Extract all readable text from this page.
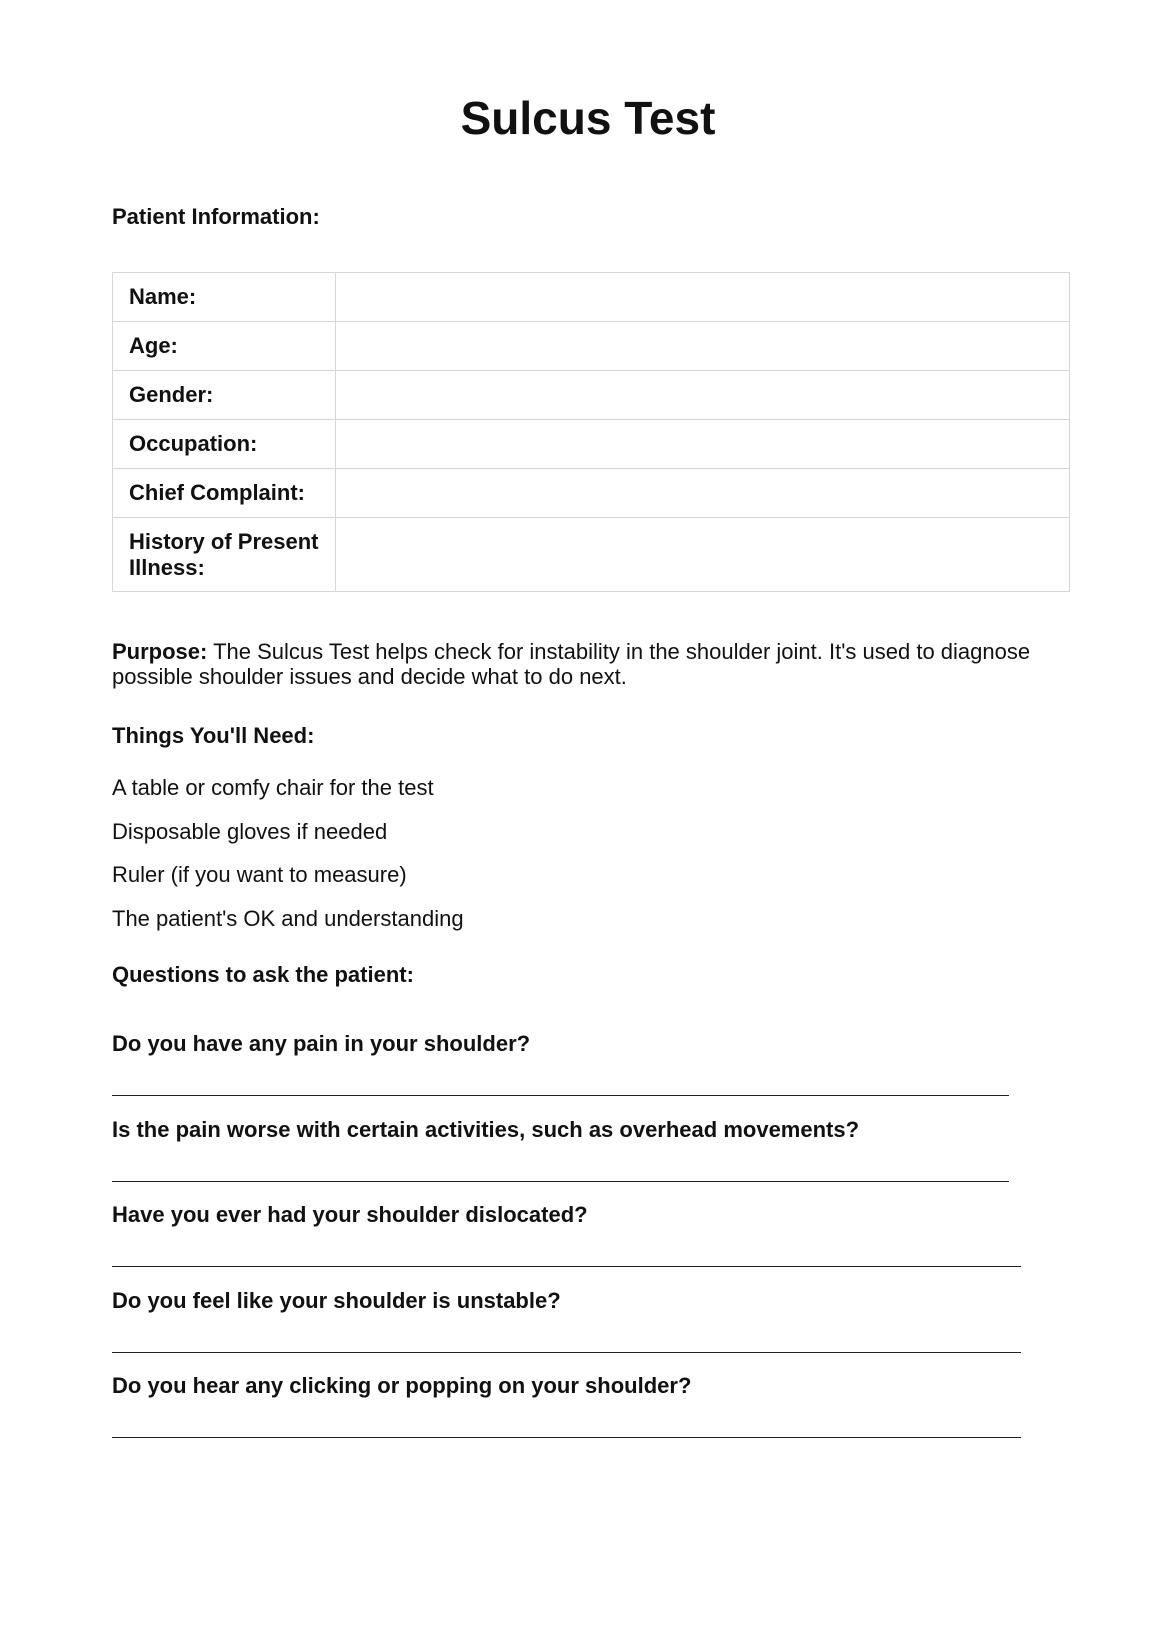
Sulcus Test
Patient Information:
Name:	
Age:	
Gender:	
Occupation:	
Chief Complaint:	
History of Present Illness:	

Purpose: The Sulcus Test helps check for instability in the shoulder joint. It's used to diagnose possible shoulder issues and decide what to do next.

Things You'll Need:
A table or comfy chair for the test
Disposable gloves if needed
Ruler (if you want to measure)
The patient's OK and understanding
Questions to ask the patient:

Do you have any pain in your shoulder?

Is the pain worse with certain activities, such as overhead movements?

Have you ever had your shoulder dislocated?

Do you feel like your shoulder is unstable?

Do you hear any clicking or popping on your shoulder?
